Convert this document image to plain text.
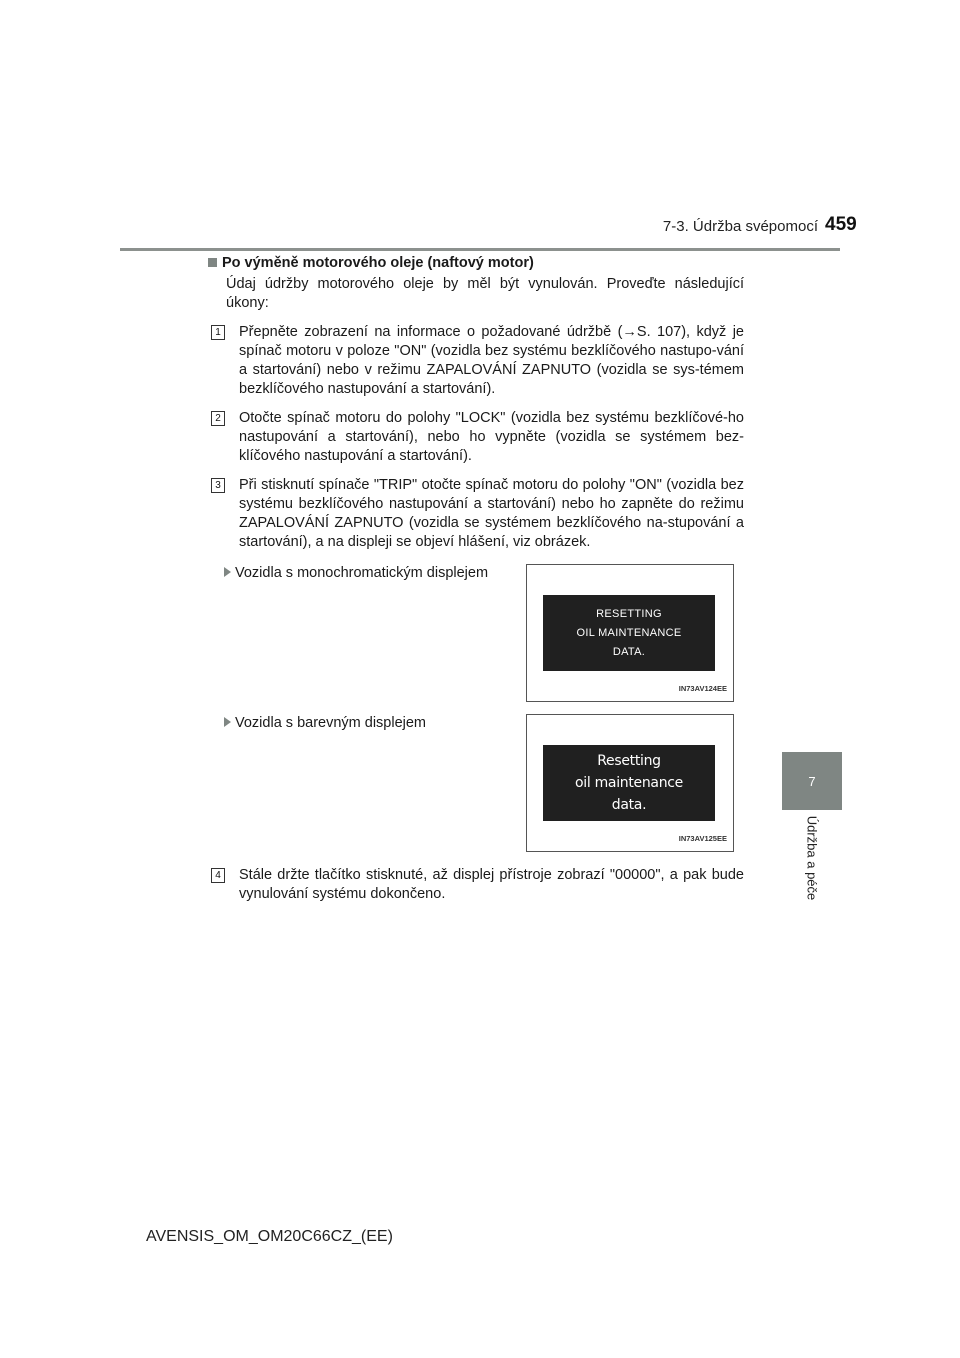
7-3. Údržba svépomocí 459
7
Údržba a péče
Po výměně motorového oleje (naftový motor)
Údaj údržby motorového oleje by měl být vynulován. Proveďte následující úkony:
1 Přepněte zobrazení na informace o požadované údržbě (→S. 107), když je spínač motoru v poloze "ON" (vozidla bez systému bezklíčového nastupo-vání a startování) nebo v režimu ZAPALOVÁNÍ ZAPNUTO (vozidla se sys-témem bezklíčového nastupování a startování).
2 Otočte spínač motoru do polohy "LOCK" (vozidla bez systému bezklíčové-ho nastupování a startování), nebo ho vypněte (vozidla se systémem bez-klíčového nastupování a startování).
3 Při stisknutí spínače "TRIP" otočte spínač motoru do polohy "ON" (vozidla bez systému bezklíčového nastupování a startování) nebo ho zapněte do režimu ZAPALOVÁNÍ ZAPNUTO (vozidla se systémem bezklíčového na-stupování a startování), a na displeji se objeví hlášení, viz obrázek.
Vozidla s monochromatickým displejem
RESETTING
OIL MAINTENANCE
DATA.
IN73AV124EE
Vozidla s barevným displejem
Resetting
oil maintenance
data.
IN73AV125EE
4 Stále držte tlačítko stisknuté, až displej přístroje zobrazí "00000", a pak bude vynulování systému dokončeno.
AVENSIS_OM_OM20C66CZ_(EE)
